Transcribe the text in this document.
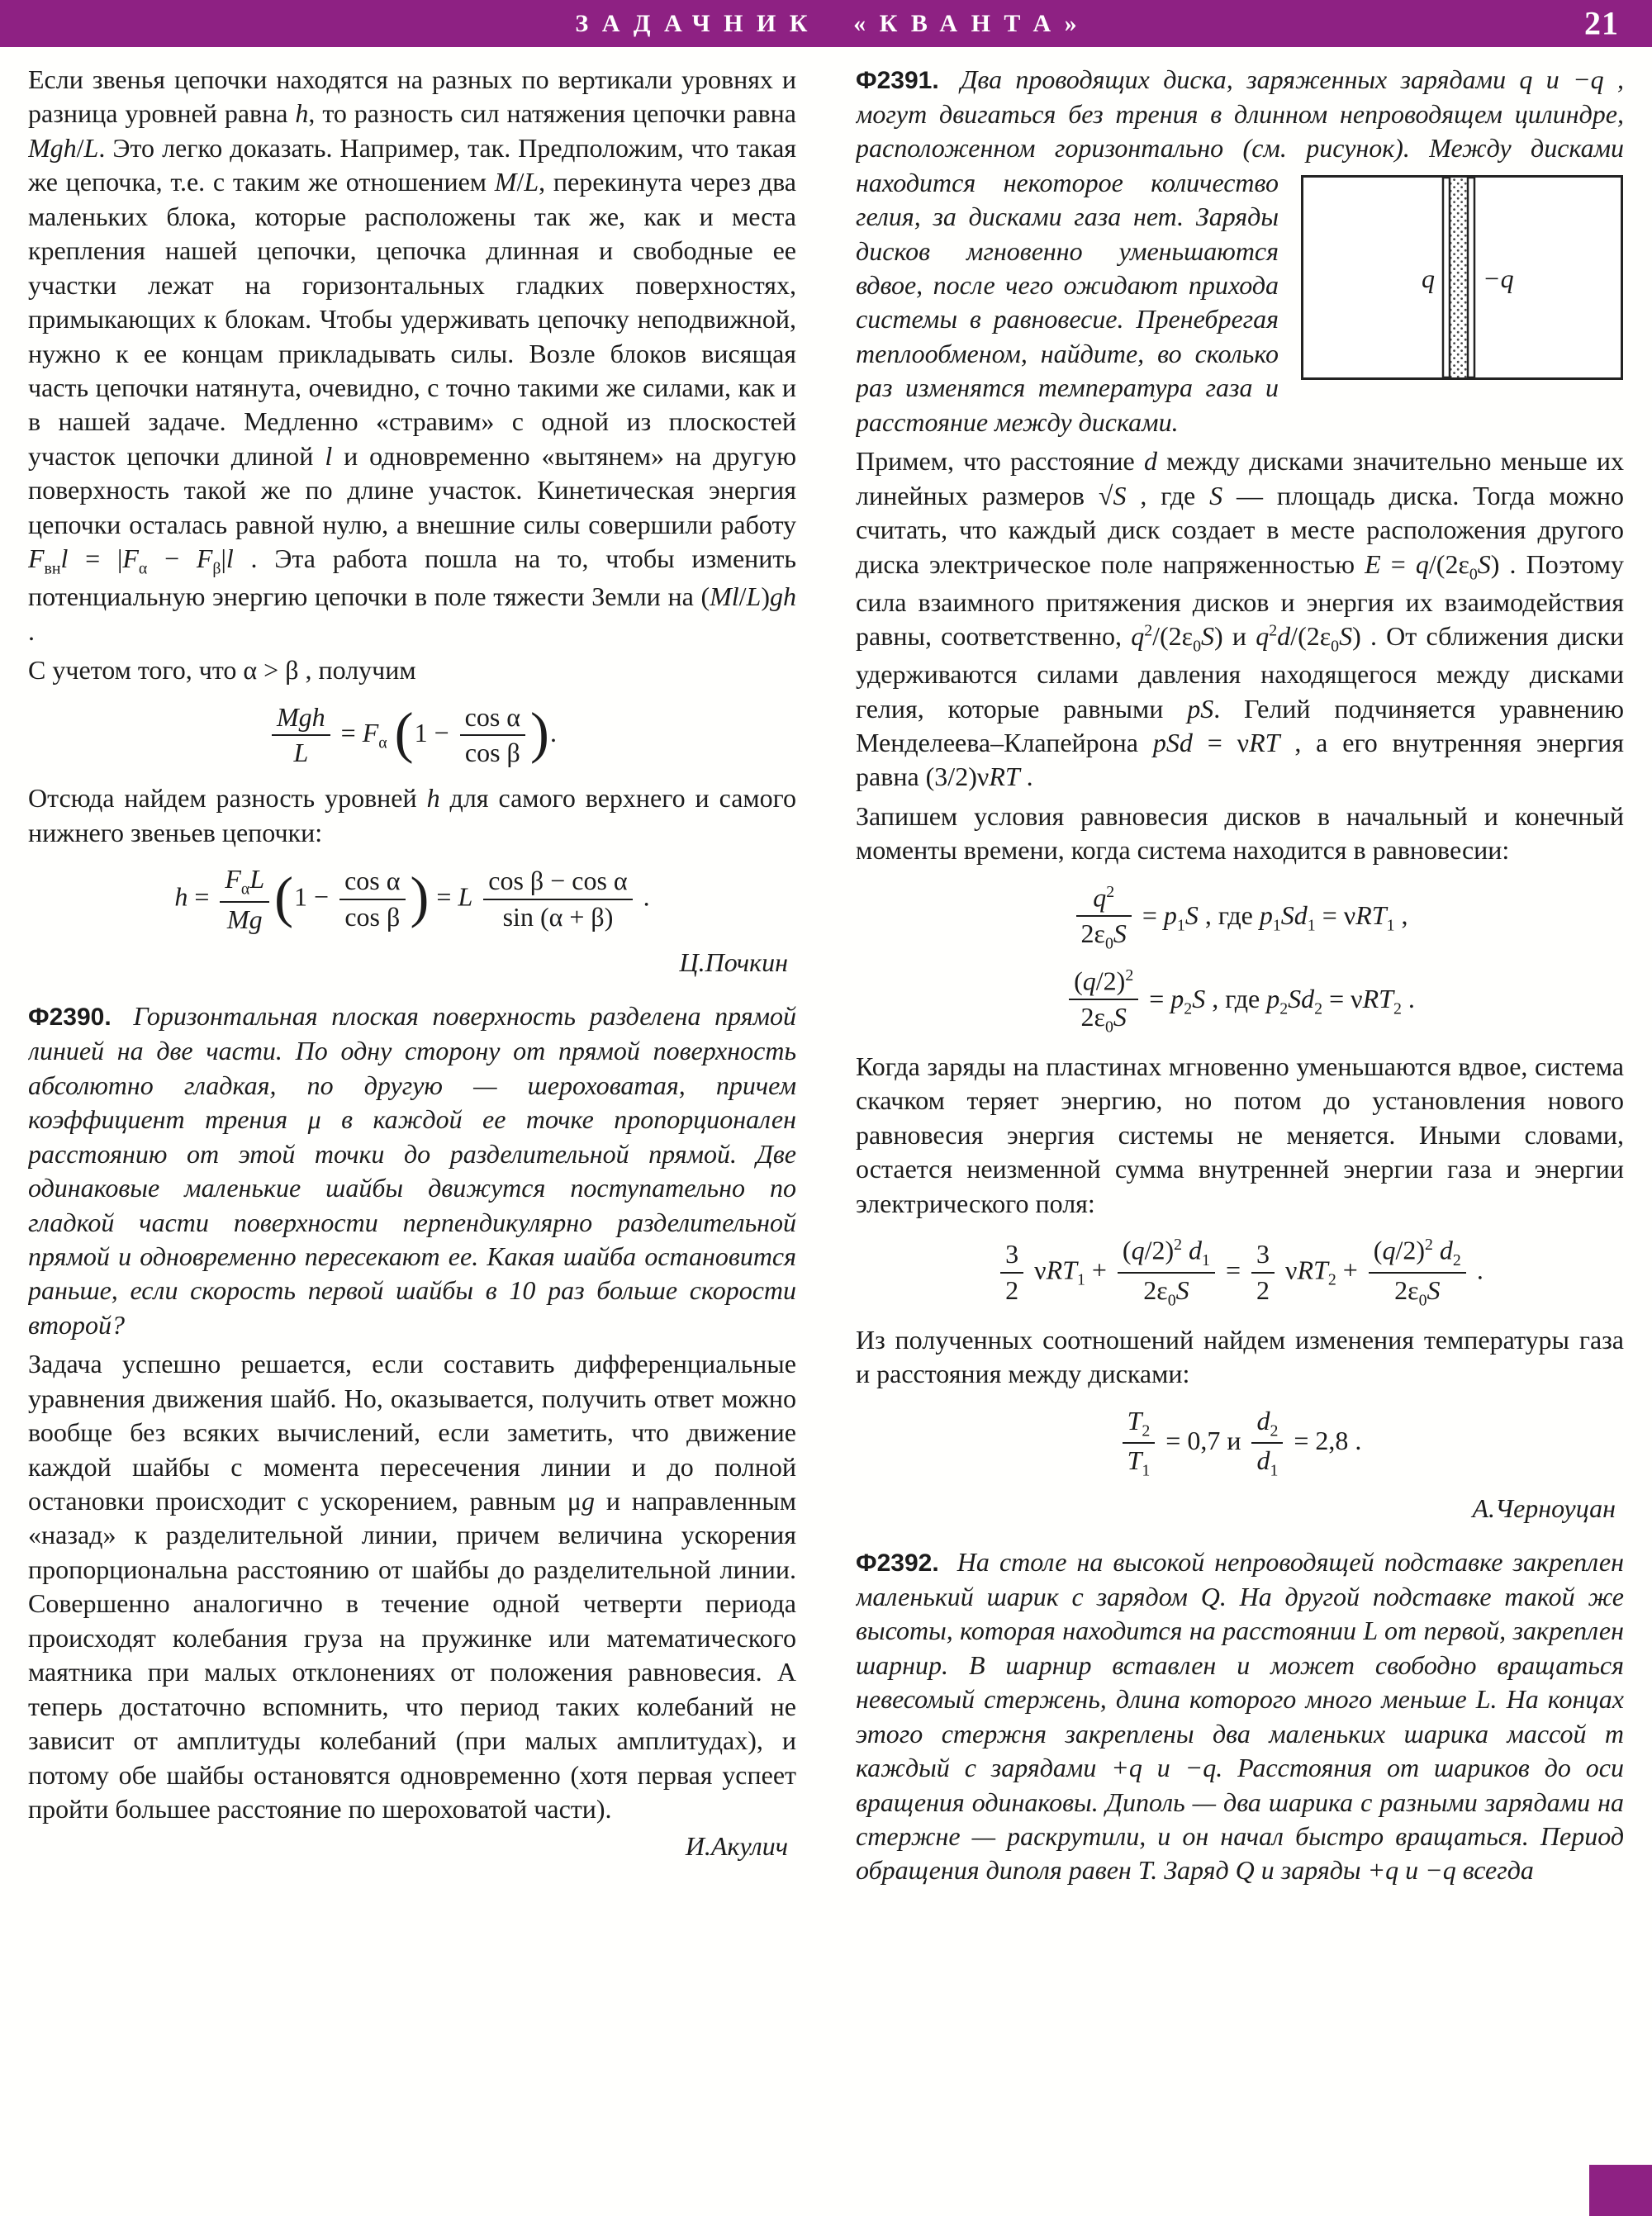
ЗАДАЧНИК «КВАНТА»	21

Если звенья цепочки находятся на разных по вертикали уровнях и разница уровней равна h, то разность сил натяжения цепочки равна Mgh/L. Это легко доказать. Например, так. Предположим, что такая же цепочка, т.е. с таким же отношением M/L, перекинута через два маленьких блока, которые расположены так же, как и места крепления нашей цепочки, цепочка длинная и свободные ее участки лежат на горизонтальных гладких поверхностях, примыкающих к блокам. Чтобы удерживать цепочку неподвижной, нужно к ее концам прикладывать силы. Возле блоков висящая часть цепочки натянута, очевидно, с точно такими же силами, как и в нашей задаче. Медленно «стравим» с одной из плоскостей участок цепочки длиной l и одновременно «вытянем» на другую поверхность такой же по длине участок. Кинетическая энергия цепочки осталась равной нулю, а внешние силы совершили работу $F_{вн}l = |F_\alpha - F_\beta|l$ . Эта работа пошла на то, чтобы изменить потенциальную энергию цепочки в поле тяжести Земли на (Ml/L)gh .

С учетом того, что α > β , получим

Mgh
L
= $F_\alpha$ ($1 - \frac{\text{cos α}}{\text{cos β}}$ ).

Отсюда найдем разность уровней h для самого верхнего и самого нижнего звеньев цепочки:

h =
$F_\alpha L$
Mg ($1 - \frac{\text{cos α}}{\text{cos β}}$ ) = L $\frac{\text{cos β − cos α}}{\sin (\alpha + \beta)}$ .
Ц.Почкин

Ф2390. Горизонтальная плоская поверхность разделена прямой линией на две части. По одну сторону от прямой поверхность абсолютно гладкая, по другую — шероховатая, причем коэффициент трения μ в каждой ее точке пропорционален расстоянию от этой точки до разделительной прямой. Две одинаковые маленькие шайбы движутся поступательно по гладкой части поверхности перпендикулярно разделительной прямой и одновременно пересекают ее. Какая шайба остановится раньше, если скорость первой шайбы в 10 раз больше скорости второй?

Задача успешно решается, если составить дифференциальные уравнения движения шайб. Но, оказывается, получить ответ можно вообще без всяких вычислений, если заметить, что движение каждой шайбы с момента пересечения линии и до полной остановки происходит с ускорением, равным μg и направленным «назад» к разделительной линии, причем величина ускорения пропорциональна расстоянию от шайбы до разделительной линии. Совершенно аналогично в течение одной четверти периода происходят колебания груза на пружинке или математического маятника при малых отклонениях от положения равновесия. А теперь достаточно вспомнить, что период таких колебаний не зависит от амплитуды колебаний (при малых амплитудах), и потому обе шайбы остановятся одновременно (хотя первая успеет пройти большее расстояние по шероховатой части).

И.Акулич

Ф2391. Два проводящих диска, заряженных зарядами q и −q , могут двигаться без трения в длинном непроводящем цилиндре, расположенном горизонтально (см. рисунок).
q −q
Между дисками находится некоторое количество гелия, за дисками газа нет. Заряды дисков мгновенно уменьшаются вдвое, после чего ожидают прихода системы в равновесие. Пренебрегая теплообменом, найдите, во сколько раз изменятся температура газа и расстояние между дисками.

Примем, что расстояние d между дисками значительно меньше их линейных размеров √S , где S — площадь диска. Тогда можно считать, что каждый диск создает в месте расположения другого диска электрическое поле напряженностью $E = q/(2\varepsilon_0S)$ . Поэтому сила взаимного притяжения дисков и энергия их взаимодействия равны, соответственно, $q^2/(2\varepsilon_0S)$ и $q^2d/(2\varepsilon_0S)$ . От сближения диски удерживаются силами давления находящегося между дисками гелия, которые равными pS. Гелий подчиняется уравнению Менделеева–Клапейрона pSd = νRT , а его внутренняя энергия равна (3/2)νRT .

Запишем условия равновесия дисков в начальный и конечный моменты времени, когда система находится в равновесии:

$\frac{q^2}{2\varepsilon_0S} = p_1S$ , где $p_1Sd_1 = \nu RT_1$ ,
$\frac{(q/2)^2}{2\varepsilon_0S} = p_2S$ , где $p_2Sd_2 = \nu RT_2$ .

Когда заряды на пластинах мгновенно уменьшаются вдвое, система скачком теряет энергию, но потом до установления нового равновесия энергия системы не меняется. Иными словами, остается неизменной сумма внутренней энергии газа и энергии электрического поля:

$\frac{3}{2} \nu RT_1 + \frac{(q/2)^2 d_1}{2\varepsilon_0S} = \frac{3}{2} \nu RT_2 + \frac{(q/2)^2 d_2}{2\varepsilon_0S}$ .

Из полученных соотношений найдем изменения температуры газа и расстояния между дисками:

$\frac{T_2}{T_1} = 0,7$ и $\frac{d_2}{d_1} = 2,8$ .
А.Черноуцан

Ф2392. На столе на высокой непроводящей подставке закреплен маленький шарик с зарядом Q. На другой подставке такой же высоты, которая находится на расстоянии L от первой, закреплен шарнир. В шарнир вставлен и может свободно вращаться невесомый стержень, длина которого много меньше L. На концах этого стержня закреплены два маленьких шарика массой m каждый с зарядами +q и −q. Расстояния от шариков до оси вращения одинаковы. Диполь — два шарика с разными зарядами на стержне — раскрутили, и он начал быстро вращаться. Период обращения диполя равен T. Заряд Q и заряды +q и −q всегда
